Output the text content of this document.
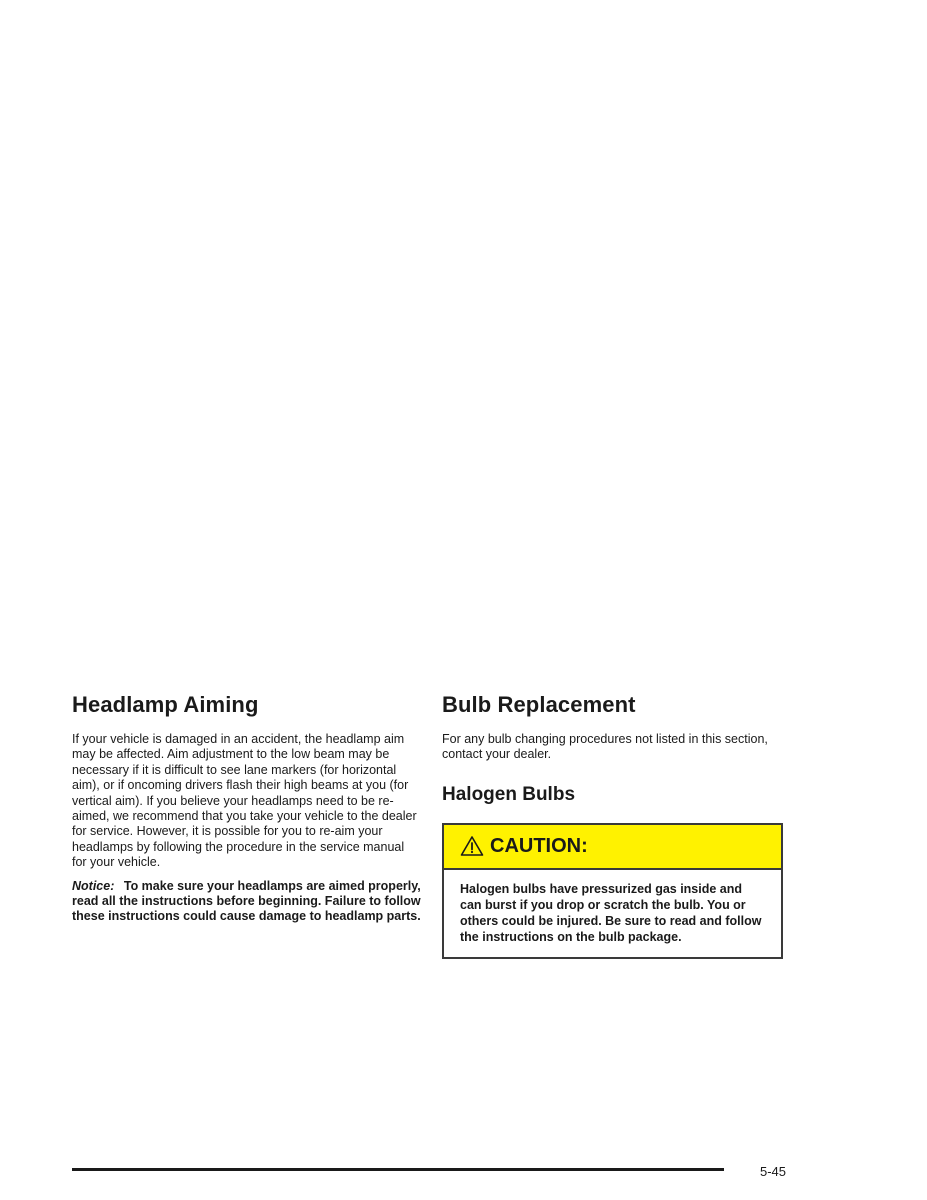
Headlamp Aiming

If your vehicle is damaged in an accident, the headlamp aim may be affected. Aim adjustment to the low beam may be necessary if it is difficult to see lane markers (for horizontal aim), or if oncoming drivers flash their high beams at you (for vertical aim). If you believe your headlamps need to be re-aimed, we recommend that you take your vehicle to the dealer for service. However, it is possible for you to re-aim your headlamps by following the procedure in the service manual for your vehicle.

Notice: To make sure your headlamps are aimed properly, read all the instructions before beginning. Failure to follow these instructions could cause damage to headlamp parts.

Bulb Replacement

For any bulb changing procedures not listed in this section, contact your dealer.

Halogen Bulbs
CAUTION:
Halogen bulbs have pressurized gas inside and can burst if you drop or scratch the bulb. You or others could be injured. Be sure to read and follow the instructions on the bulb package.
5-45
